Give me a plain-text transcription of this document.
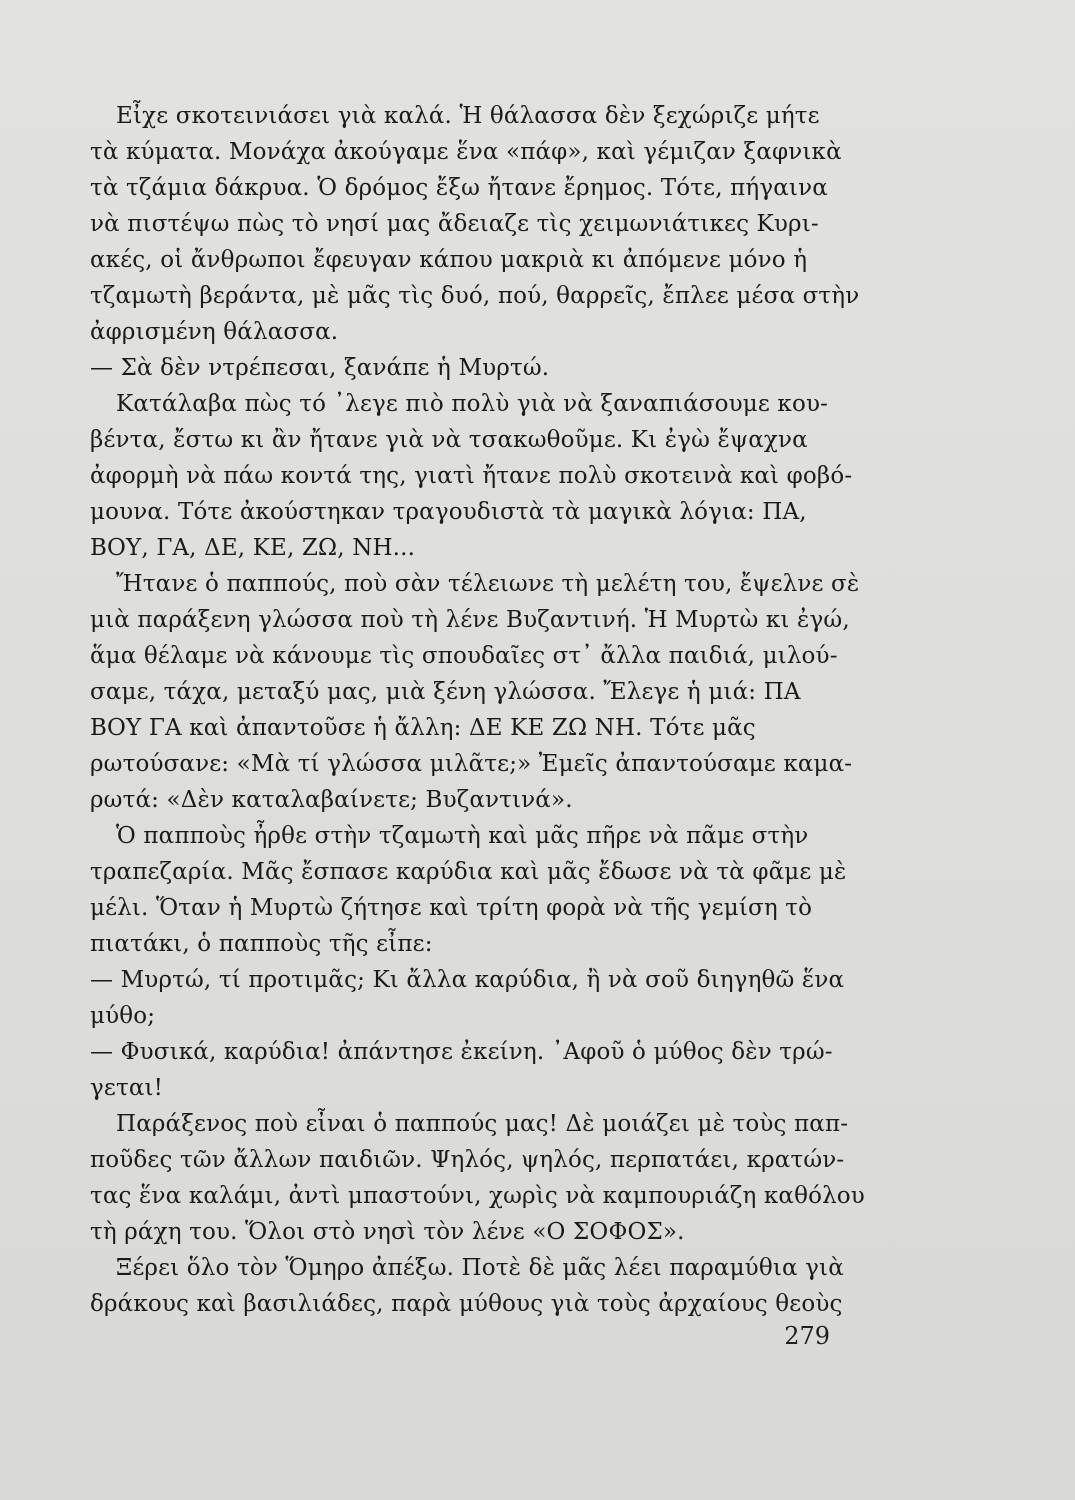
Εἶχε σκοτεινιάσει γιὰ καλά. Ἡ θάλασσα δὲν ξεχώριζε μήτε
τὰ κύματα. Μονάχα ἀκούγαμε ἕνα «πάφ», καὶ γέμιζαν ξαφνικὰ
τὰ τζάμια δάκρυα. Ὁ δρόμος ἔξω ἤτανε ἔρημος. Τότε, πήγαινα
νὰ πιστέψω πὼς τὸ νησί μας ἄδειαζε τὶς χειμωνιάτικες Κυρι-
ακές, οἱ ἄνθρωποι ἔφευγαν κάπου μακριὰ κι ἀπόμενε μόνο ἡ
τζαμωτὴ βεράντα, μὲ μᾶς τὶς δυό, πού, θαρρεῖς, ἔπλεε μέσα στὴν
ἀφρισμένη θάλασσα.
— Σὰ δὲν ντρέπεσαι, ξανάπε ἡ Μυρτώ.
Κατάλαβα πὼς τό ᾽λεγε πιὸ πολὺ γιὰ νὰ ξαναπιάσουμε κου-
βέντα, ἔστω κι ἂν ἤτανε γιὰ νὰ τσακωθοῦμε. Κι ἐγὼ ἔψαχνα
ἀφορμὴ νὰ πάω κοντά της, γιατὶ ἤτανε πολὺ σκοτεινὰ καὶ φοβό-
μουνα. Τότε ἀκούστηκαν τραγουδιστὰ τὰ μαγικὰ λόγια: ΠΑ,
ΒΟΥ, ΓΑ, ΔΕ, ΚΕ, ΖΩ, ΝΗ...
Ἤτανε ὁ παππούς, ποὺ σὰν τέλειωνε τὴ μελέτη του, ἔψελνε σὲ
μιὰ παράξενη γλώσσα ποὺ τὴ λένε Βυζαντινή. Ἡ Μυρτὼ κι ἐγώ,
ἅμα θέλαμε νὰ κάνουμε τὶς σπουδαῖες στ᾽ ἄλλα παιδιά, μιλού-
σαμε, τάχα, μεταξύ μας, μιὰ ξένη γλώσσα. Ἔλεγε ἡ μιά: ΠΑ
ΒΟΥ ΓΑ καὶ ἀπαντοῦσε ἡ ἄλλη: ΔΕ ΚΕ ΖΩ ΝΗ. Τότε μᾶς
ρωτούσανε: «Μὰ τί γλώσσα μιλᾶτε;» Ἐμεῖς ἀπαντούσαμε καμα-
ρωτά: «Δὲν καταλαβαίνετε; Βυζαντινά».
Ὁ παπποὺς ἦρθε στὴν τζαμωτὴ καὶ μᾶς πῆρε νὰ πᾶμε στὴν
τραπεζαρία. Μᾶς ἔσπασε καρύδια καὶ μᾶς ἔδωσε νὰ τὰ φᾶμε μὲ
μέλι. Ὅταν ἡ Μυρτὼ ζήτησε καὶ τρίτη φορὰ νὰ τῆς γεμίση τὸ
πιατάκι, ὁ παπποὺς τῆς εἶπε:
— Μυρτώ, τί προτιμᾶς; Κι ἄλλα καρύδια, ἢ νὰ σοῦ διηγηθῶ ἕνα
μύθο;
— Φυσικά, καρύδια! ἀπάντησε ἐκείνη. ᾽Αφοῦ ὁ μύθος δὲν τρώ-
γεται!
Παράξενος ποὺ εἶναι ὁ παππούς μας! Δὲ μοιάζει μὲ τοὺς παπ-
ποῦδες τῶν ἄλλων παιδιῶν. Ψηλός, ψηλός, περπατάει, κρατών-
τας ἕνα καλάμι, ἀντὶ μπαστούνι, χωρὶς νὰ καμπουριάζη καθόλου
τὴ ράχη του. Ὅλοι στὸ νησὶ τὸν λένε «Ο ΣΟΦΟΣ».
Ξέρει ὅλο τὸν Ὅμηρο ἀπέξω. Ποτὲ δὲ μᾶς λέει παραμύθια γιὰ
δράκους καὶ βασιλιάδες, παρὰ μύθους γιὰ τοὺς ἀρχαίους θεοὺς
279
